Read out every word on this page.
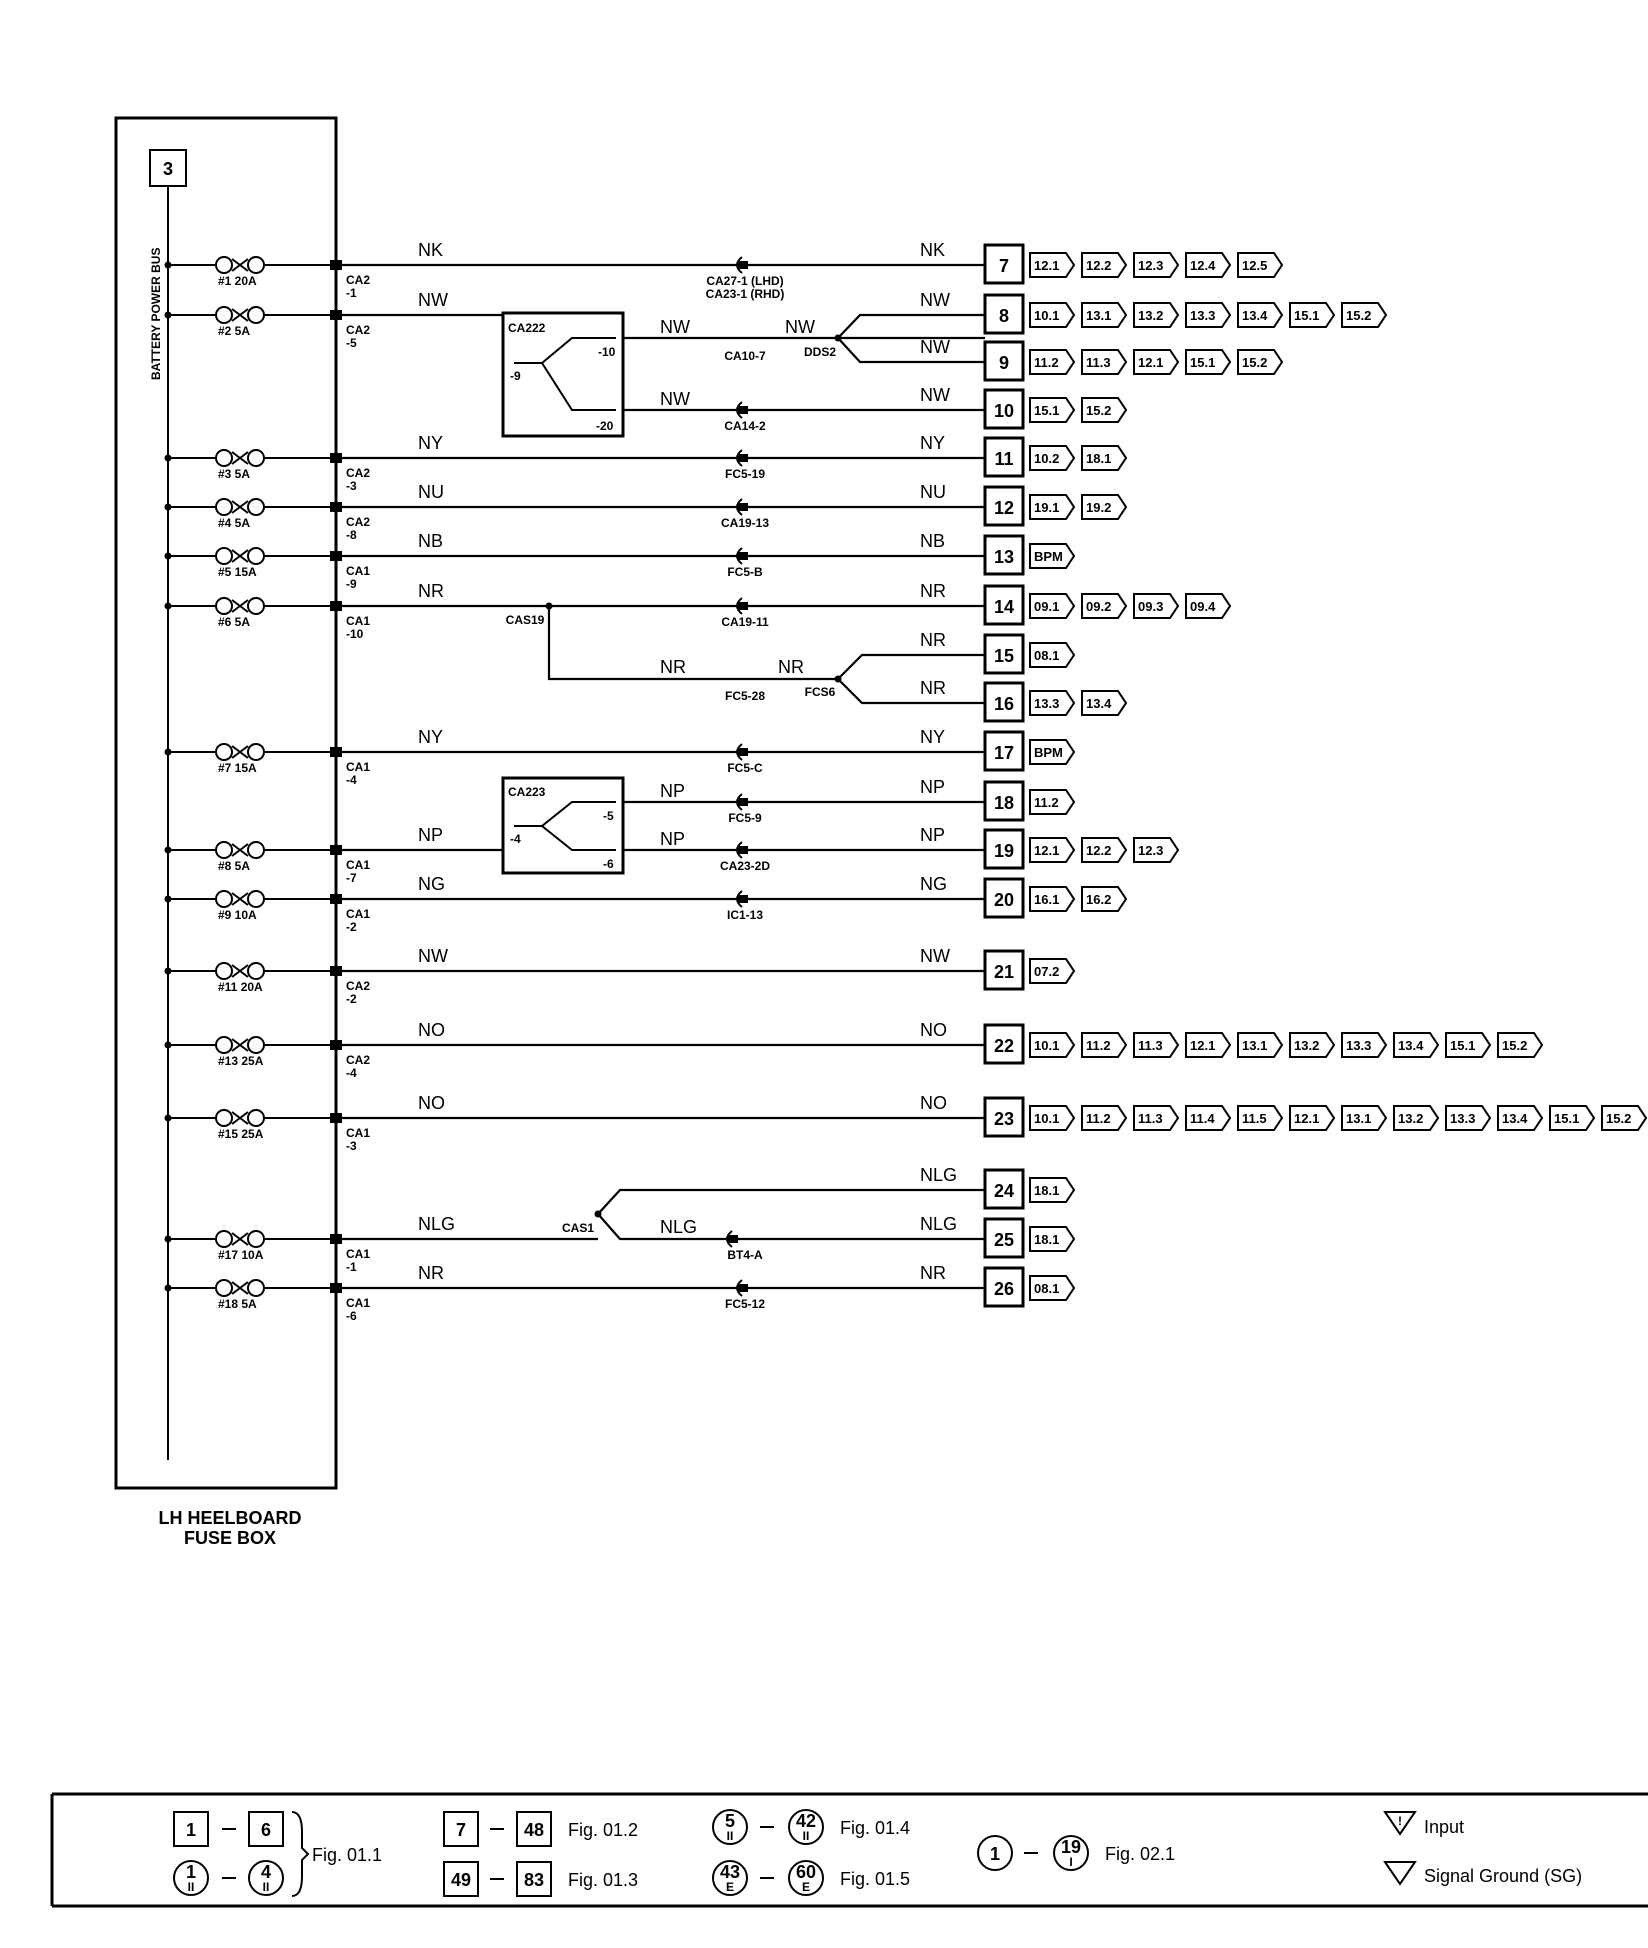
3
BATTERY POWER BUS
LH HEELBOARD
FUSE BOX
#1 20A	CA2
-1
NK	NK
CA27-1 (LHD)
CA23-1 (RHD)
7 12.1 12.2 12.3 12.4 12.5
#2 5A	CA2
-5
NW	NW
8 10.1 13.1 13.2 13.3 13.4 15.1 15.2
NW
9 11.2 11.3 12.1 15.1 15.2
NW
CA14-2
10 15.1 15.2
#3 5A	CA2
-3
NY	NY
FC5-19
11 10.2 18.1
#4 5A	CA2
-8
NU	NU
CA19-13
12 19.1 19.2
#5 15A	CA1
-9
NB	NB
FC5-B
13 BPM
#6 5A	CA1
-10
NR	NR
CA19-11
14 09.1 09.2 09.3 09.4
NR
15 08.1
NR
16 13.3 13.4
#7 15A	CA1
-4
NY	NY
FC5-C
17 BPM
NP
FC5-9
18 11.2
#8 5A	CA1
-7
NP	NP
CA23-2D
19 12.1 12.2 12.3
#9 10A	CA1
-2
NG	NG
IC1-13
20 16.1 16.2
#11 20A	CA2
-2
NW	NW
21 07.2
#13 25A	CA2
-4
NO	NO
22 10.1 11.2 11.3 12.1 13.1 13.2 13.3 13.4 15.1 15.2
#15 25A	CA1
-3
NO	NO
23 10.1 11.2 11.3 11.4 11.5 12.1 13.1 13.2 13.3 13.4 15.1 15.2
NLG
24 18.1
#17 10A	CA1
-1
NLG	NLG
BT4-A
25 18.1
#18 5A	CA1
-6
NR	NR
FC5-12
26 08.1
CA222
-9
-10
-20
NW	NW
NW
CA10-7	DDS2
CAS19
NR	NR
FC5-28	FCS6
CA223
-4
-5
-6
NP
NP
CAS1	NLG
1	6
1
II
4
II
Fig. 01.1
7	48 Fig. 01.2
49	83 Fig. 01.3
5
II
42
II Fig. 01.4
43
E
60
E Fig. 01.5
1	19
I Fig. 02.1
! Input
Signal Ground (SG)
